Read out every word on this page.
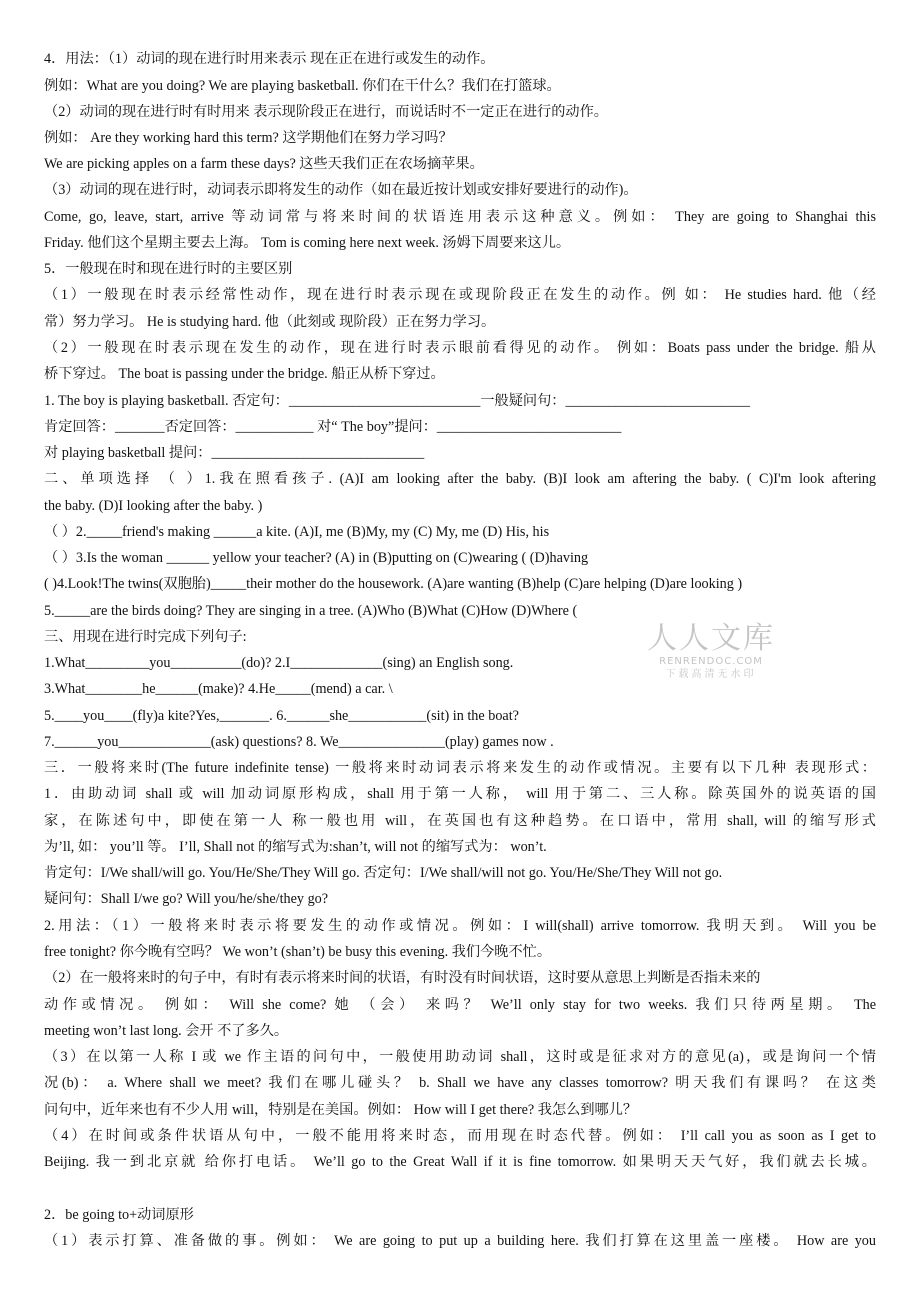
4．用法：（1）动词的现在进行时用来表示 现在正在进行或发生的动作。
例如：What are you doing? We are playing basketball. 你们在干什么？我们在打篮球。
（2）动词的现在进行时有时用来 表示现阶段正在进行，而说话时不一定正在进行的动作。
例如： Are they working hard this term? 这学期他们在努力学习吗？
We are picking apples on a farm these days? 这些天我们正在农场摘苹果。
（3）动词的现在进行时，动词表示即将发生的动作（如在最近按计划或安排好要进行的动作)。
Come, go, leave, start, arrive 等动词常与将来时间的状语连用表示这种意义。例如： They are going to Shanghai this
Friday. 他们这个星期主要去上海。 Tom is coming here next week. 汤姆下周要来这儿。
5．一般现在时和现在进行时的主要区别
（1）一般现在时表示经常性动作，现在进行时表示现在或现阶段正在发生的动作。例 如： He studies hard. 他（经
常）努力学习。 He is studying hard. 他（此刻或 现阶段）正在努力学习。
（2）一般现在时表示现在发生的动作，现在进行时表示眼前看得见的动作。 例如：Boats pass under the bridge. 船从
桥下穿过。 The boat is passing under the bridge. 船正从桥下穿过。
1. The boy is playing basketball. 否定句：___________________________一般疑问句：__________________________
肯定回答：_______否定回答：___________ 对“ The boy”提问：__________________________
对 playing basketball 提问：______________________________
二、单项选择 （ ）1.我在照看孩子. (A)I am looking after the baby. (B)I look am aftering the baby. ( C)I'm look aftering
the baby. (D)I looking after the baby. )
（ ）2._____friend's making ______a kite. (A)I, me (B)My, my (C) My, me (D) His, his
（ ）3.Is the woman ______ yellow your teacher? (A) in (B)putting on (C)wearing ( (D)having
( )4.Look!The twins(双胞胎)_____their mother do the housework. (A)are wanting (B)help (C)are helping (D)are looking )
5._____are the birds doing? They are singing in a tree. (A)Who (B)What (C)How (D)Where (
三、用现在进行时完成下列句子:
1.What_________you__________(do)? 2.I_____________(sing) an English song.
3.What________he______(make)? 4.He_____(mend) a car. \
5.____you____(fly)a kite?Yes,_______. 6.______she___________(sit) in the boat?
7.______you_____________(ask) questions? 8. We_______________(play) games now .
三．一般将来时(The future indefinite tense) 一般将来时动词表示将来发生的动作或情况。主要有以下几种 表现形式：
1．由助动词 shall 或 will 加动词原形构成，shall 用于第一人称， will 用于第二、三人称。除英国外的说英语的国
家，在陈述句中，即使在第一人 称一般也用 will，在英国也有这种趋势。在口语中，常用 shall, will 的缩写形式
为’ll, 如： you’ll 等。 I’ll, Shall not 的缩写式为:shan’t, will not 的缩写式为： won’t.
肯定句：I/We shall/will go. You/He/She/They Will go. 否定句：I/We shall/will not go. You/He/She/They Will not go.
疑问句：Shall I/we go? Will you/he/she/they go?
2.用法：（1）一般将来时表示将要发生的动作或情况。例如：I will(shall) arrive tomorrow. 我明天到。 Will you be
free tonight? 你今晚有空吗？ We won’t (shan’t) be busy this evening. 我们今晚不忙。
（2）在一般将来时的句子中，有时有表示将来时间的状语，有时没有时间状语，这时要从意思上判断是否指未来的
动作或情况。 例如： Will she come? 她 （会） 来吗？ We’ll only stay for two weeks. 我们只待两星期。 The
meeting won’t last long. 会开 不了多久。
（3）在以第一人称 I 或 we 作主语的问句中，一般使用助动词 shall，这时或是征求对方的意见(a)，或是询问一个情
况(b)： a. Where shall we meet? 我们在哪儿碰头？ b. Shall we have any classes tomorrow? 明天我们有课吗？ 在这类
问句中，近年来也有不少人用 will，特别是在美国。例如： How will I get there? 我怎么到哪儿？
（4）在时间或条件状语从句中，一般不能用将来时态，而用现在时态代替。例如： I’ll call you as soon as I get to
Beijing. 我一到北京就 给你打电话。 We’ll go to the Great Wall if it is fine tomorrow. 如果明天天气好，我们就去长城。
2．be going to+动词原形
（1）表示打算、准备做的事。例如： We are going to put up a building here. 我们打算在这里盖一座楼。 How are you
人人文库
RENRENDOC.COM
下载高清无水印
